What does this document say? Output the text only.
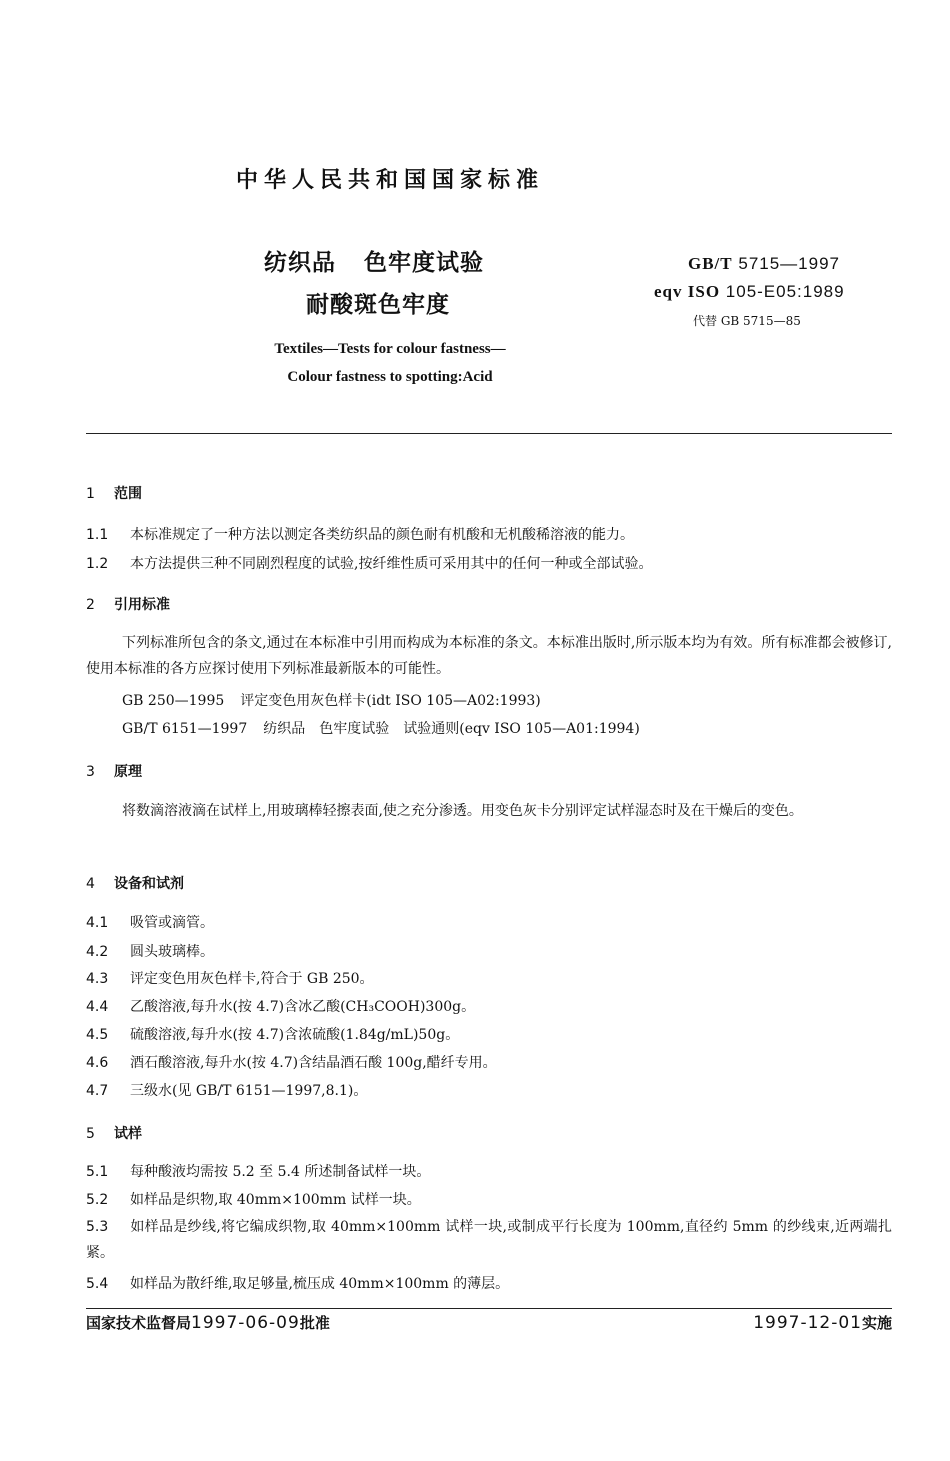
中华人民共和国国家标准
纺织品 色牢度试验
耐酸斑色牢度
GB/T 5715—1997
eqv ISO 105-E05:1989
代替 GB 5715—85
Textiles—Tests for colour fastness—
Colour fastness to spotting:Acid
1 范围
1.1 本标准规定了一种方法以测定各类纺织品的颜色耐有机酸和无机酸稀溶液的能力。
1.2 本方法提供三种不同剧烈程度的试验,按纤维性质可采用其中的任何一种或全部试验。
2 引用标准
下列标准所包含的条文,通过在本标准中引用而构成为本标准的条文。本标准出版时,所示版本均为有效。所有标准都会被修订,使用本标准的各方应探讨使用下列标准最新版本的可能性。
GB 250—1995 评定变色用灰色样卡(idt ISO 105—A02:1993)
GB/T 6151—1997 纺织品　色牢度试验　试验通则(eqv ISO 105—A01:1994)
3 原理
将数滴溶液滴在试样上,用玻璃棒轻擦表面,使之充分渗透。用变色灰卡分别评定试样湿态时及在干燥后的变色。
4 设备和试剂
4.1 吸管或滴管。
4.2 圆头玻璃棒。
4.3 评定变色用灰色样卡,符合于 GB 250。
4.4 乙酸溶液,每升水(按 4.7)含冰乙酸(CH₃COOH)300g。
4.5 硫酸溶液,每升水(按 4.7)含浓硫酸(1.84g/mL)50g。
4.6 酒石酸溶液,每升水(按 4.7)含结晶酒石酸 100g,醋纤专用。
4.7 三级水(见 GB/T 6151—1997,8.1)。
5 试样
5.1 每种酸液均需按 5.2 至 5.4 所述制备试样一块。
5.2 如样品是织物,取 40mm×100mm 试样一块。
5.3 如样品是纱线,将它编成织物,取 40mm×100mm 试样一块,或制成平行长度为 100mm,直径约 5mm 的纱线束,近两端扎紧。
5.4 如样品为散纤维,取足够量,梳压成 40mm×100mm 的薄层。
国家技术监督局1997-06-09批准	1997-12-01实施
